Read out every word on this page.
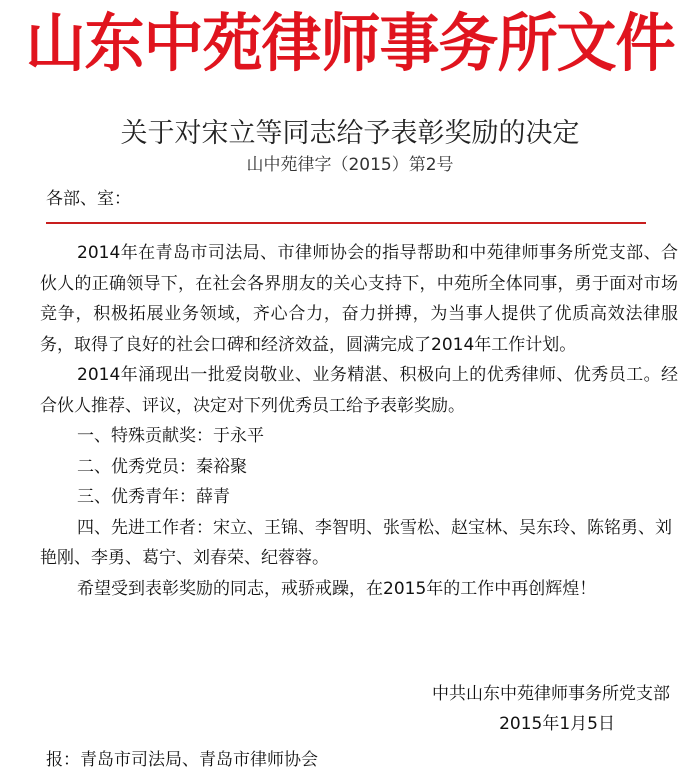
山东中苑律师事务所文件
关于对宋立等同志给予表彰奖励的决定
山中苑律字（2015）第2号
各部、室：

2014年在青岛市司法局、市律师协会的指导帮助和中苑律师事务所党支部、合伙人的正确领导下，在社会各界朋友的关心支持下，中苑所全体同事，勇于面对市场竞争，积极拓展业务领域，齐心合力，奋力拼搏，为当事人提供了优质高效法律服务，取得了良好的社会口碑和经济效益，圆满完成了2014年工作计划。

2014年涌现出一批爱岗敬业、业务精湛、积极向上的优秀律师、优秀员工。经合伙人推荐、评议，决定对下列优秀员工给予表彰奖励。

一、特殊贡献奖：于永平

二、优秀党员：秦裕聚

三、优秀青年：薛青

四、先进工作者：宋立、王锦、李智明、张雪松、赵宝林、吴东玲、陈铭勇、刘艳刚、李勇、葛宁、刘春荣、纪蓉蓉。

希望受到表彰奖励的同志，戒骄戒躁，在2015年的工作中再创辉煌！

中共山东中苑律师事务所党支部
2015年1月5日
报：青岛市司法局、青岛市律师协会
